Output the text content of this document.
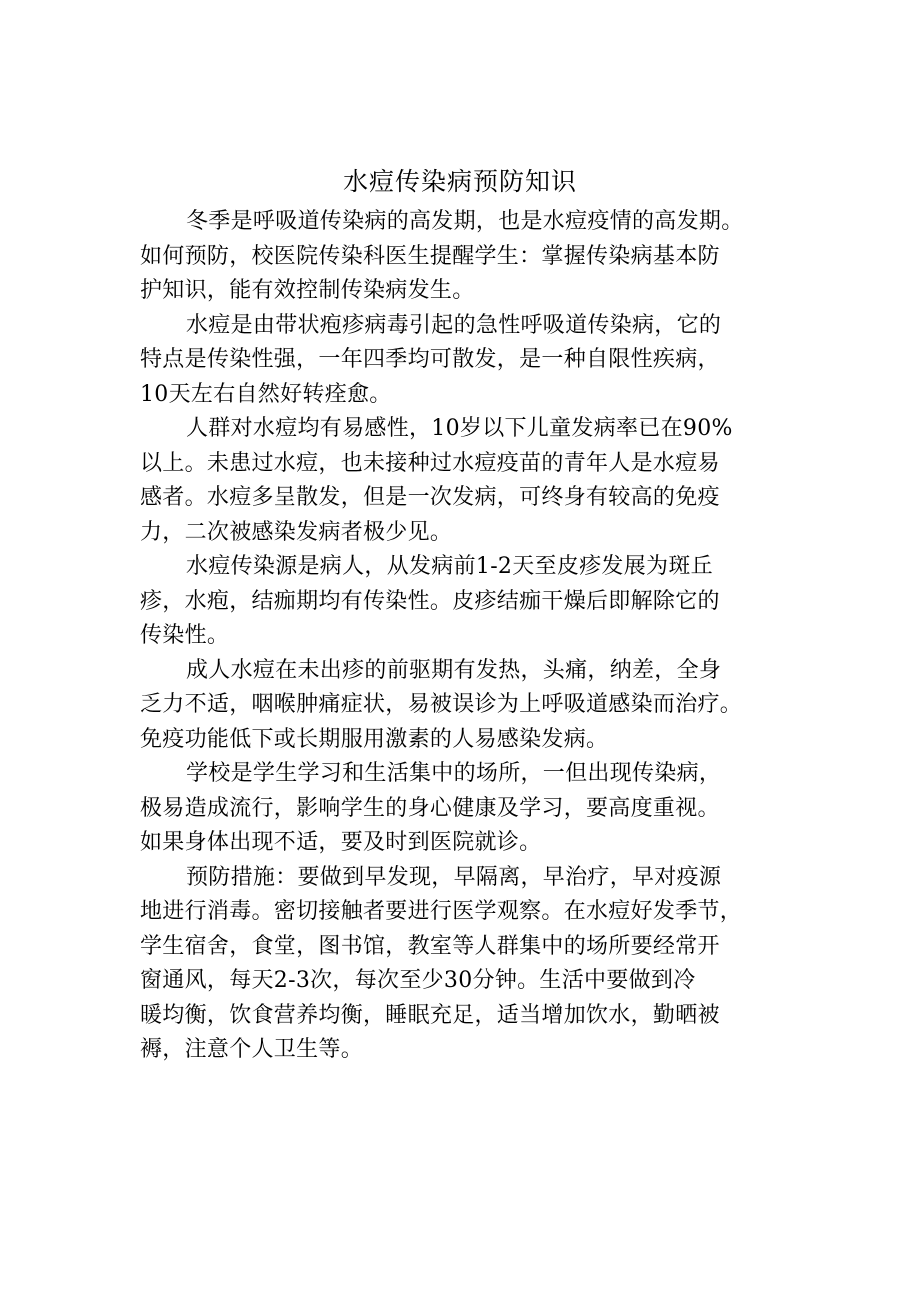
水痘传染病预防知识
冬季是呼吸道传染病的高发期，也是水痘疫情的高发期。
如何预防，校医院传染科医生提醒学生：掌握传染病基本防
护知识，能有效控制传染病发生。
水痘是由带状疱疹病毒引起的急性呼吸道传染病，它的
特点是传染性强，一年四季均可散发，是一种自限性疾病，
10天左右自然好转痊愈。
人群对水痘均有易感性，10岁以下儿童发病率已在90%
以上。未患过水痘，也未接种过水痘疫苗的青年人是水痘易
感者。水痘多呈散发，但是一次发病，可终身有较高的免疫
力，二次被感染发病者极少见。
水痘传染源是病人，从发病前1-2天至皮疹发展为斑丘
疹，水疱，结痂期均有传染性。皮疹结痂干燥后即解除它的
传染性。
成人水痘在未出疹的前驱期有发热，头痛，纳差，全身
乏力不适，咽喉肿痛症状，易被误诊为上呼吸道感染而治疗。
免疫功能低下或长期服用激素的人易感染发病。
学校是学生学习和生活集中的场所，一但出现传染病，
极易造成流行，影响学生的身心健康及学习，要高度重视。
如果身体出现不适，要及时到医院就诊。
预防措施：要做到早发现，早隔离，早治疗，早对疫源
地进行消毒。密切接触者要进行医学观察。在水痘好发季节，
学生宿舍，食堂，图书馆，教室等人群集中的场所要经常开
窗通风，每天2-3次，每次至少30分钟。生活中要做到冷
暖均衡，饮食营养均衡，睡眠充足，适当增加饮水，勤晒被
褥，注意个人卫生等。
